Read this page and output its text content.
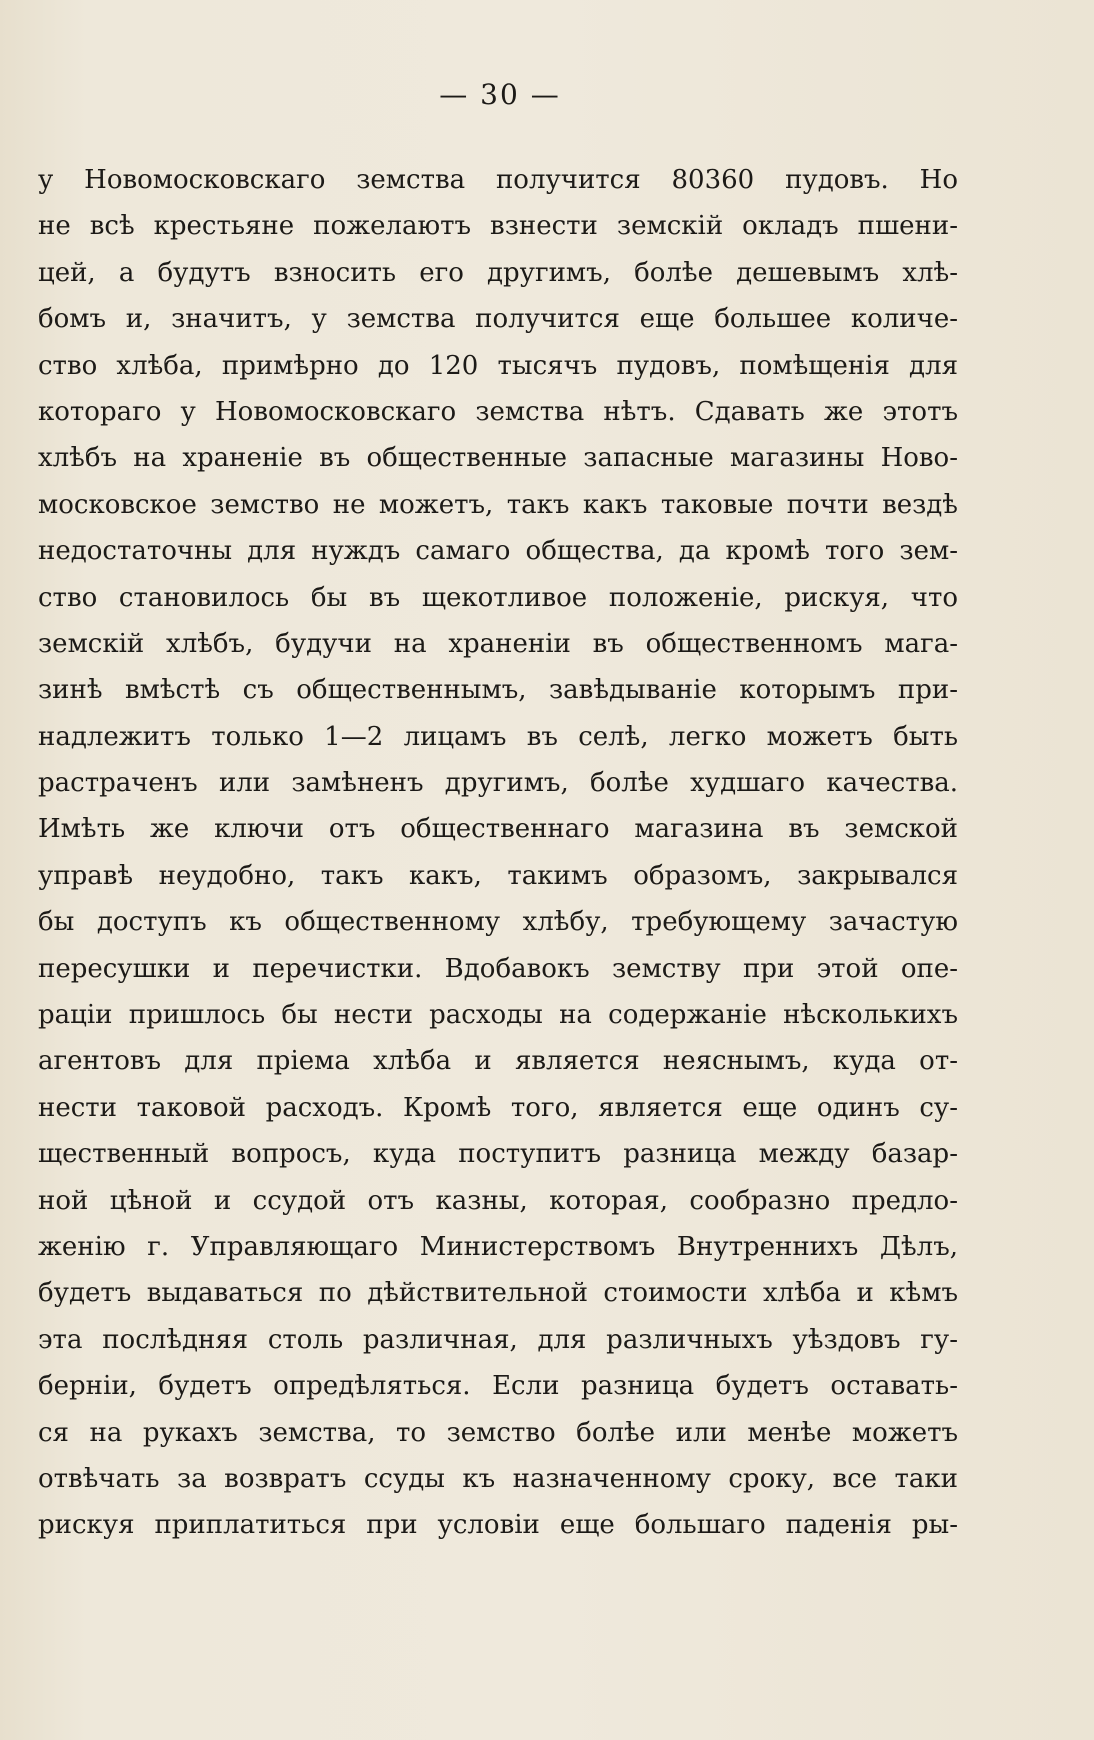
— 30 —
у Новомосковскаго земства получится 80360 пудовъ. Но
не всѣ крестьяне пожелаютъ взнести земскій окладъ пшени-
цей, а будутъ взносить его другимъ, болѣе дешевымъ хлѣ-
бомъ и, значитъ, у земства получится еще большее количе-
ство хлѣба, примѣрно до 120 тысячъ пудовъ, помѣщенія для
котораго у Новомосковскаго земства нѣтъ. Сдавать же этотъ
хлѣбъ на храненіе въ общественные запасные магазины Ново-
московское земство не можетъ, такъ какъ таковые почти вездѣ
недостаточны для нуждъ самаго общества, да кромѣ того зем-
ство становилось бы въ щекотливое положеніе, рискуя, что
земскій хлѣбъ, будучи на храненіи въ общественномъ мага-
зинѣ вмѣстѣ съ общественнымъ, завѣдываніе которымъ при-
надлежитъ только 1—2 лицамъ въ селѣ, легко можетъ быть
растраченъ или замѣненъ другимъ, болѣе худшаго качества.
Имѣть же ключи отъ общественнаго магазина въ земской
управѣ неудобно, такъ какъ, такимъ образомъ, закрывался
бы доступъ къ общественному хлѣбу, требующему зачастую
пересушки и перечистки. Вдобавокъ земству при этой опе-
раціи пришлось бы нести расходы на содержаніе нѣсколькихъ
агентовъ для пріема хлѣба и является неяснымъ, куда от-
нести таковой расходъ. Кромѣ того, является еще одинъ су-
щественный вопросъ, куда поступитъ разница между базар-
ной цѣной и ссудой отъ казны, которая, сообразно предло-
женію г. Управляющаго Министерствомъ Внутреннихъ Дѣлъ,
будетъ выдаваться по дѣйствительной стоимости хлѣба и кѣмъ
эта послѣдняя столь различная, для различныхъ уѣздовъ гу-
берніи, будетъ опредѣляться. Если разница будетъ оставать-
ся на рукахъ земства, то земство болѣе или менѣе можетъ
отвѣчать за возвратъ ссуды къ назначенному сроку, все таки
рискуя приплатиться при условіи еще большаго паденія ры-
